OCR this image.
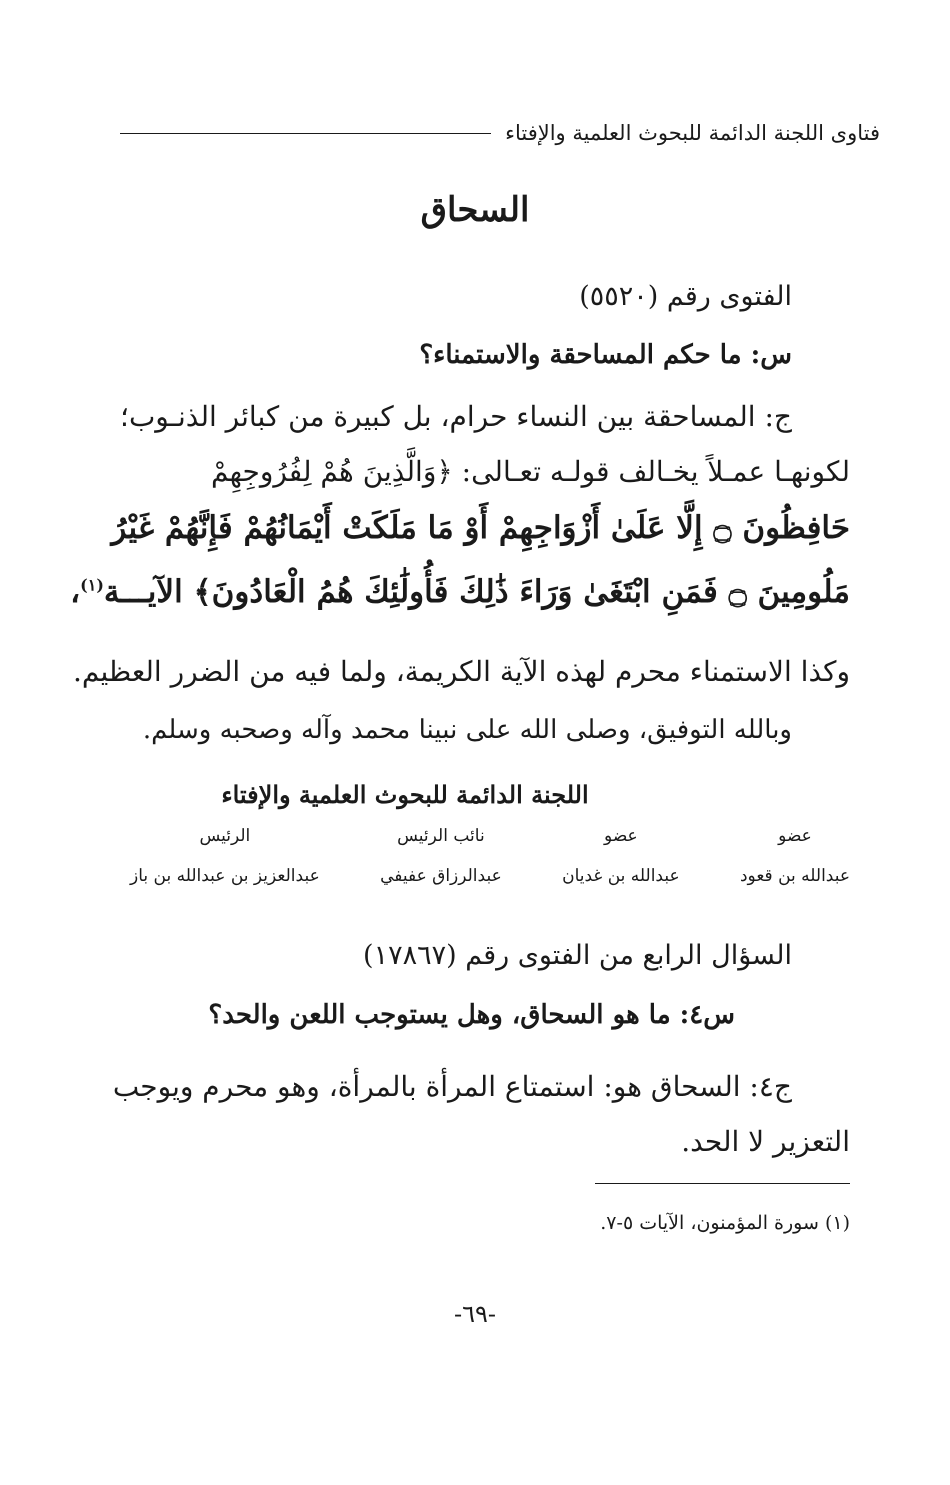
فتاوى اللجنة الدائمة للبحوث العلمية والإفتاء
السحاق
الفتوى رقم (٥٥٢٠)
س: ما حكم المساحقة والاستمناء؟
ج: المساحقة بين النساء حرام، بل كبيرة من كبائر الذنـوب؛
لكونهـا عمـلاً يخـالف قولـه تعـالى: ﴿وَالَّذِينَ هُمْ لِفُرُوجِهِمْ
حَافِظُونَ ۝ إِلَّا عَلَىٰ أَزْوَاجِهِمْ أَوْ مَا مَلَكَتْ أَيْمَانُهُمْ فَإِنَّهُمْ غَيْرُ
مَلُومِينَ ۝ فَمَنِ ابْتَغَىٰ وَرَاءَ ذَٰلِكَ فَأُولَٰئِكَ هُمُ الْعَادُونَ﴾ الآيـــة$^{(١)}$،
وكذا الاستمناء محرم لهذه الآية الكريمة، ولما فيه من الضرر العظيم.
وبالله التوفيق، وصلى الله على نبينا محمد وآله وصحبه وسلم.
اللجنة الدائمة للبحوث العلمية والإفتاء
عضو
عبدالله بن قعود
عضو
عبدالله بن غديان
نائب الرئيس
عبدالرزاق عفيفي
الرئيس
عبدالعزيز بن عبدالله بن باز
السؤال الرابع من الفتوى رقم (١٧٨٦٧)
س٤: ما هو السحاق، وهل يستوجب اللعن والحد؟
ج٤: السحاق هو: استمتاع المرأة بالمرأة، وهو محرم ويوجب
التعزير لا الحد.
(١) سورة المؤمنون، الآيات ٥-٧.
-٦٩-
